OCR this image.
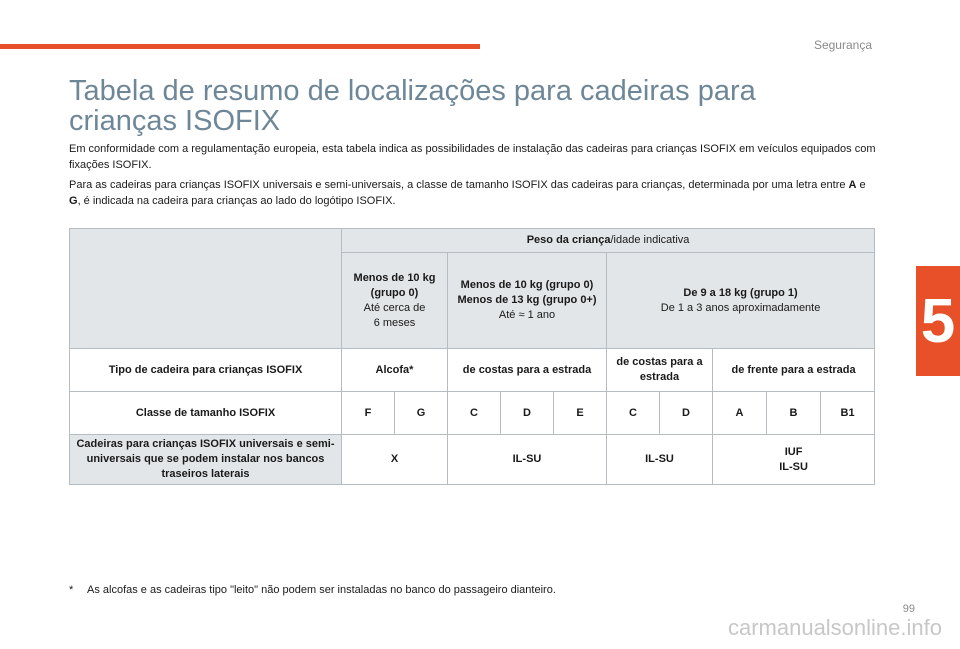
Segurança
5
Tabela de resumo de localizações para cadeiras para crianças ISOFIX

Em conformidade com a regulamentação europeia, esta tabela indica as possibilidades de instalação das cadeiras para crianças ISOFIX em veículos equipados com fixações ISOFIX.

Para as cadeiras para crianças ISOFIX universais e semi-universais, a classe de tamanho ISOFIX das cadeiras para crianças, determinada por uma letra entre A e G, é indicada na cadeira para crianças ao lado do logótipo ISOFIX.

	Peso da criança/idade indicativa									
	Menos de 10 kg
(grupo 0)
Até cerca de
6 meses		Menos de 10 kg (grupo 0)
Menos de 13 kg (grupo 0+)
Até ≈ 1 ano			De 9 a 18 kg (grupo 1)
De 1 a 3 anos aproximadamente				
Tipo de cadeira para crianças ISOFIX	Alcofa*		de costas para a estrada			de costas para a estrada		de frente para a estrada		
Classe de tamanho ISOFIX	F	G	C	D	E	C	D	A	B	B1
Cadeiras para crianças ISOFIX universais e semi-universais que se podem instalar nos bancos traseiros laterais	X		IL-SU			IL-SU		IUF
IL-SU		
* As alcofas e as cadeiras tipo "leito" não podem ser instaladas no banco do passageiro dianteiro.
99
carmanualsonline.info
